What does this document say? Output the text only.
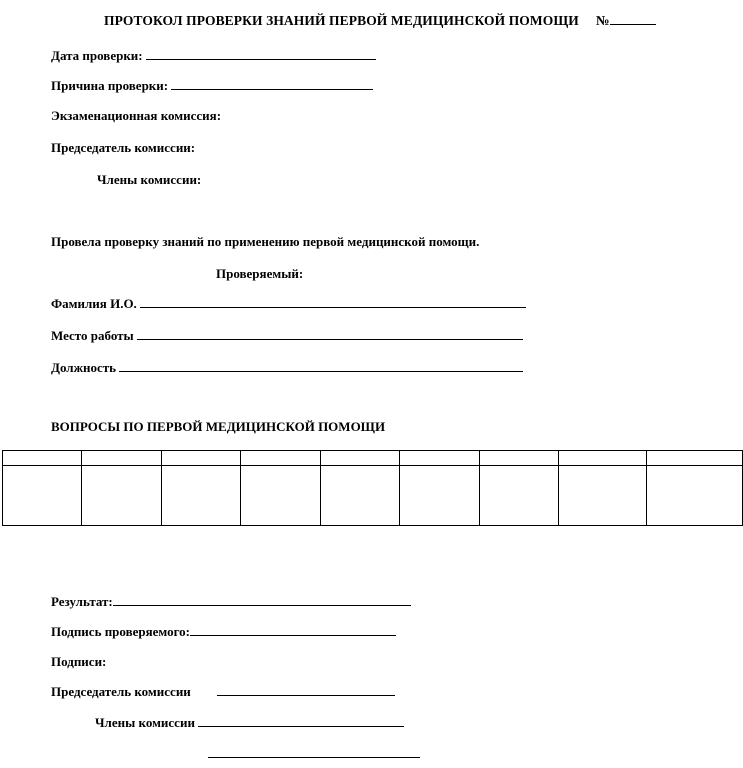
ПРОТОКОЛ ПРОВЕРКИ ЗНАНИЙ ПЕРВОЙ МЕДИЦИНСКОЙ ПОМОЩИ №
Дата проверки:
Причина проверки:
Экзаменационная комиссия:
Председатель комиссии:
Члены комиссии:
Провела проверку знаний по применению первой медицинской помощи.
Проверяемый:
Фамилия И.О.
Место работы
Должность
ВОПРОСЫ ПО ПЕРВОЙ МЕДИЦИНСКОЙ ПОМОЩИ

Результат:
Подпись проверяемого:
Подписи:
Председатель комиссии
Члены комиссии
